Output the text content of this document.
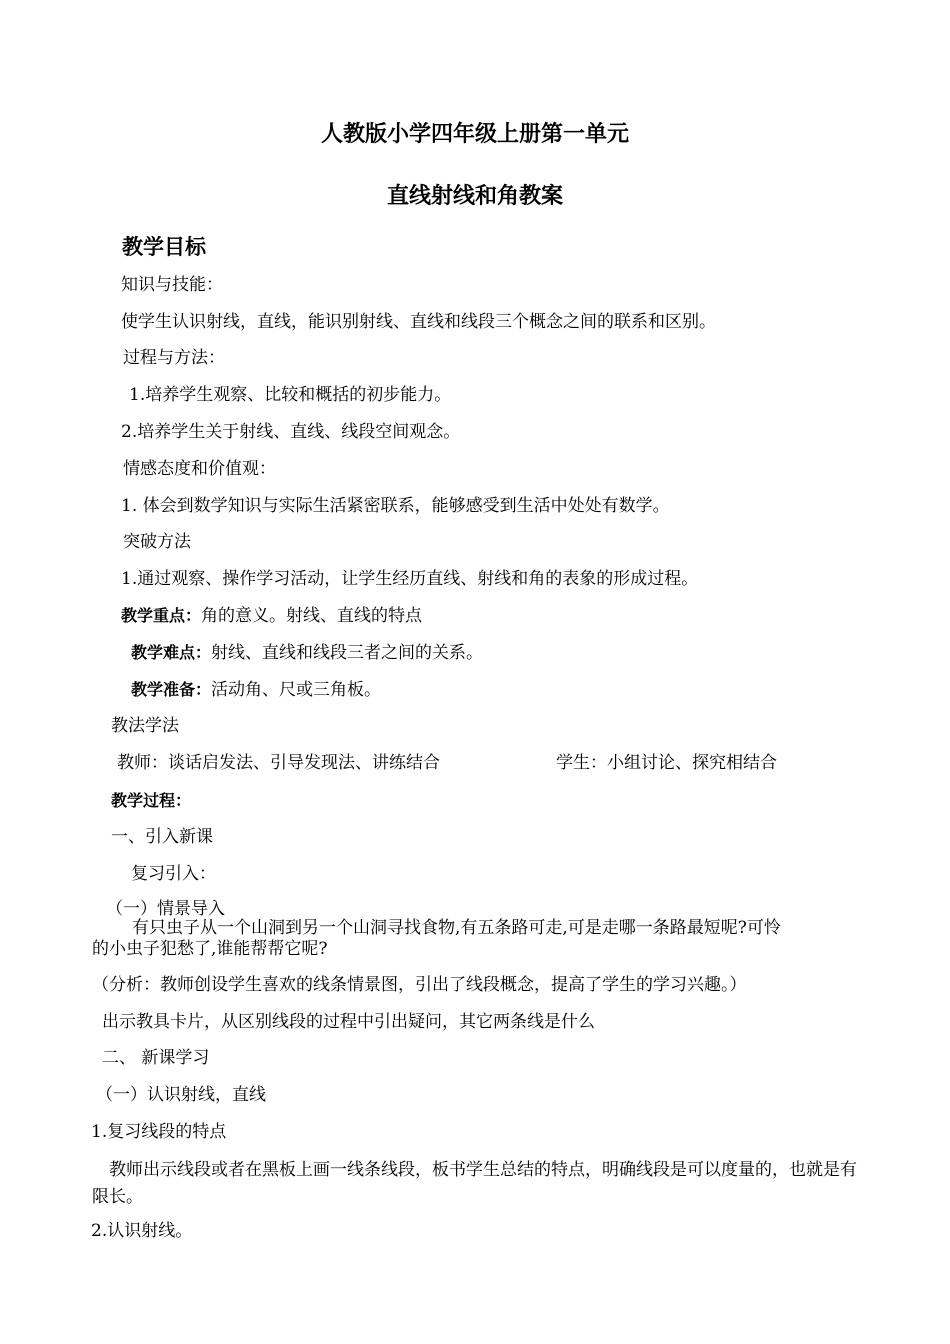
人教版小学四年级上册第一单元
直线射线和角教案
教学目标
知识与技能：
使学生认识射线，直线，能识别射线、直线和线段三个概念之间的联系和区别。
过程与方法：
1.培养学生观察、比较和概括的初步能力。
2.培养学生关于射线、直线、线段空间观念。
情感态度和价值观：
1. 体会到数学知识与实际生活紧密联系，能够感受到生活中处处有数学。
突破方法
1.通过观察、操作学习活动，让学生经历直线、射线和角的表象的形成过程。
教学重点：角的意义。射线、直线的特点
教学难点：射线、直线和线段三者之间的关系。
教学准备：活动角、尺或三角板。
教法学法
教师：谈话启发法、引导发现法、讲练结合	学生：小组讨论、探究相结合
教学过程：
一、引入新课
复习引入：
（一）情景导入
有只虫子从一个山洞到另一个山洞寻找食物,有五条路可走,可是走哪一条路最短呢?可怜
的小虫子犯愁了,谁能帮帮它呢?
（分析：教师创设学生喜欢的线条情景图，引出了线段概念，提高了学生的学习兴趣。）
出示教具卡片，从区别线段的过程中引出疑问，其它两条线是什么
二、 新课学习
（一）认识射线，直线
1.复习线段的特点
教师出示线段或者在黑板上画一线条线段，板书学生总结的特点，明确线段是可以度量的，也就是有限长。
2.认识射线。
